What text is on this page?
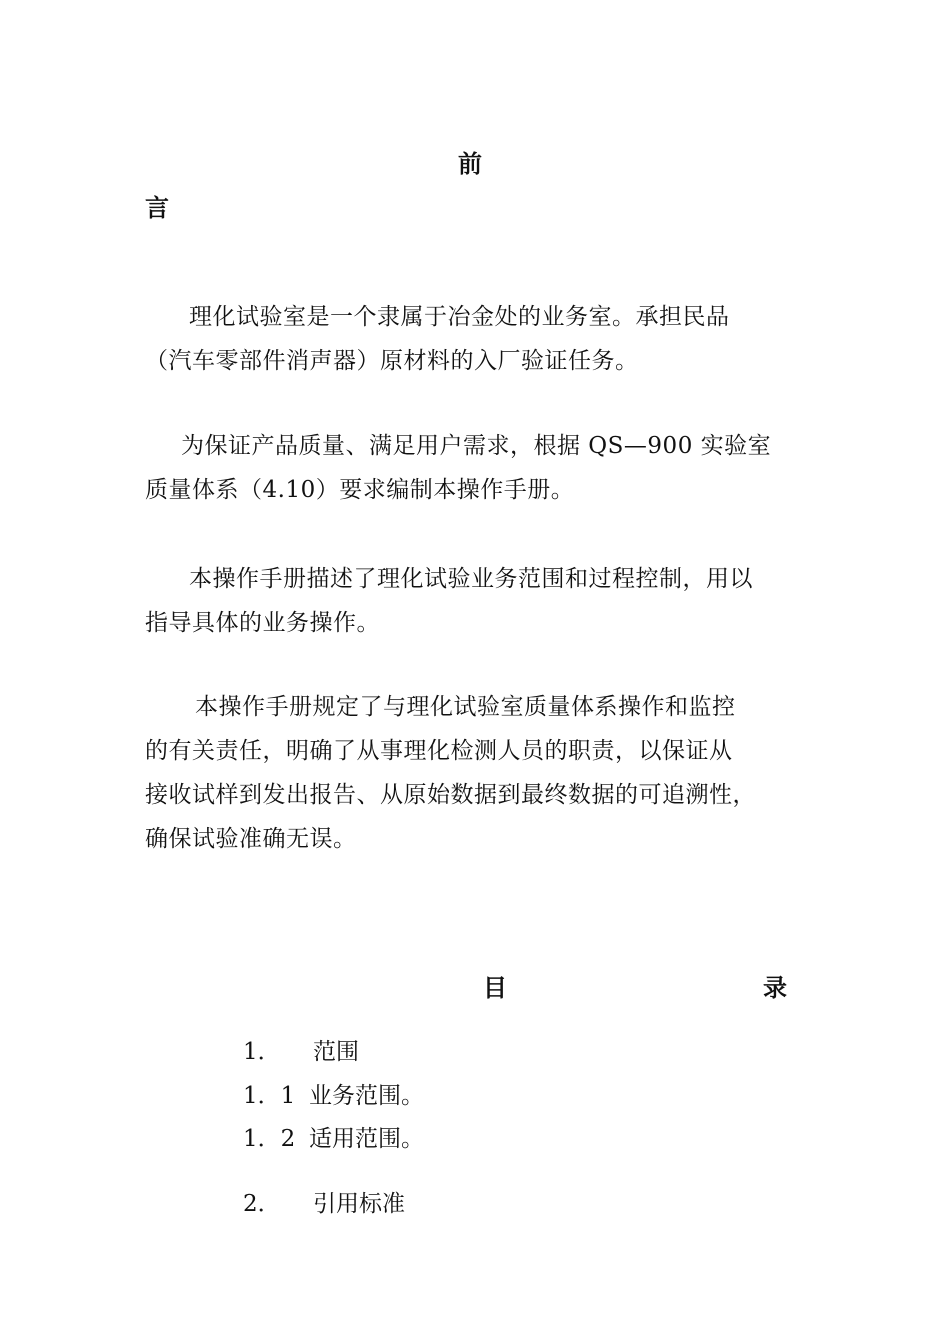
前
言
理化试验室是一个隶属于冶金处的业务室。承担民品
（汽车零部件消声器）原材料的入厂验证任务。
为保证产品质量、满足用户需求，根据 QS—900 实验室
质量体系（4.10）要求编制本操作手册。
本操作手册描述了理化试验业务范围和过程控制，用以
指导具体的业务操作。
本操作手册规定了与理化试验室质量体系操作和监控
的有关责任，明确了从事理化检测人员的职责，以保证从
接收试样到发出报告、从原始数据到最终数据的可追溯性，
确保试验准确无误。
目	录
1． 范围
1．1 业务范围。
1．2 适用范围。
2． 引用标准
